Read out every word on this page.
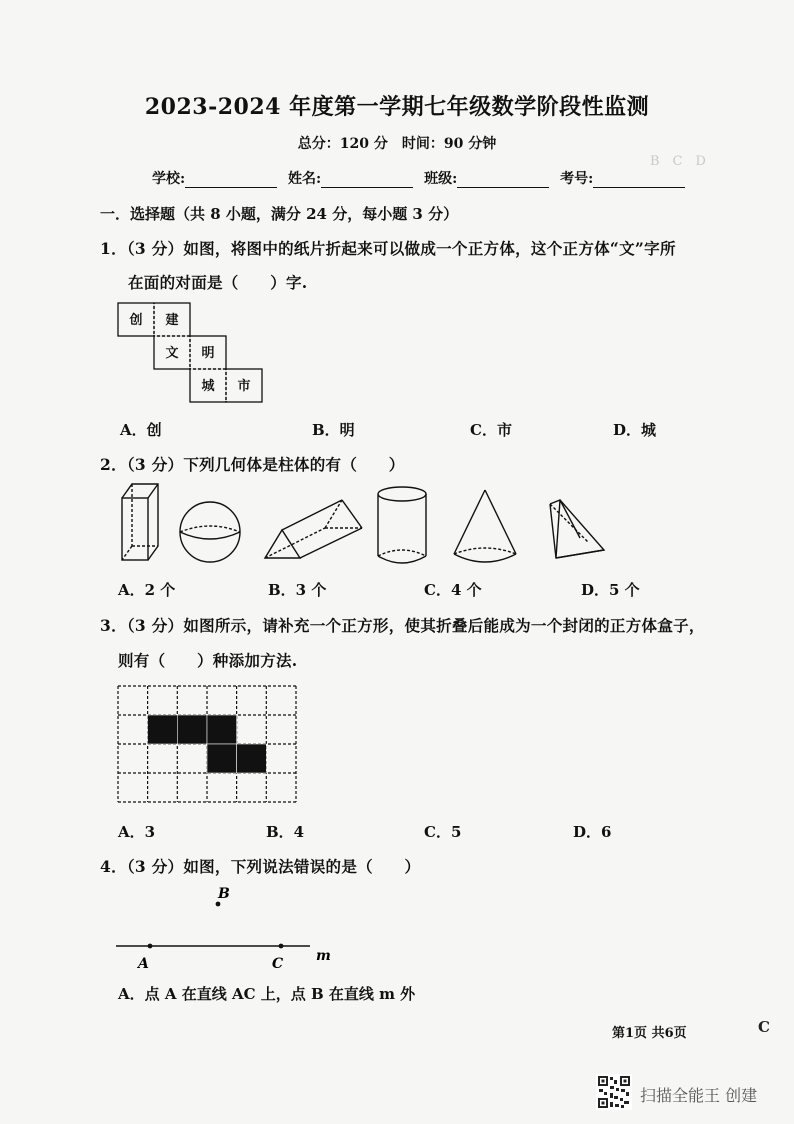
B　C　D
2023-2024 年度第一学期七年级数学阶段性监测
总分：120 分　时间：90 分钟
学校:	姓名:	班级:	考号:
一．选择题（共 8 小题，满分 24 分，每小题 3 分）
1．（3 分）如图，将图中的纸片折起来可以做成一个正方体，这个正方体“文”字所
在面的对面是（　　）字.
创 建
文 明
城 市
A．创	B．明	C．市	D．城
2．（3 分）下列几何体是柱体的有（　　）
A．2 个	B．3 个	C．4 个	D．5 个
3．（3 分）如图所示，请补充一个正方形，使其折叠后能成为一个封闭的正方体盒子，
则有（　　）种添加方法.
A．3	B．4	C．5	D．6
4．（3 分）如图，下列说法错误的是（　　）
B
A	C m
A．点 A 在直线 AC 上，点 B 在直线 m 外
第1页 共6页	C
扫描全能王 创建
